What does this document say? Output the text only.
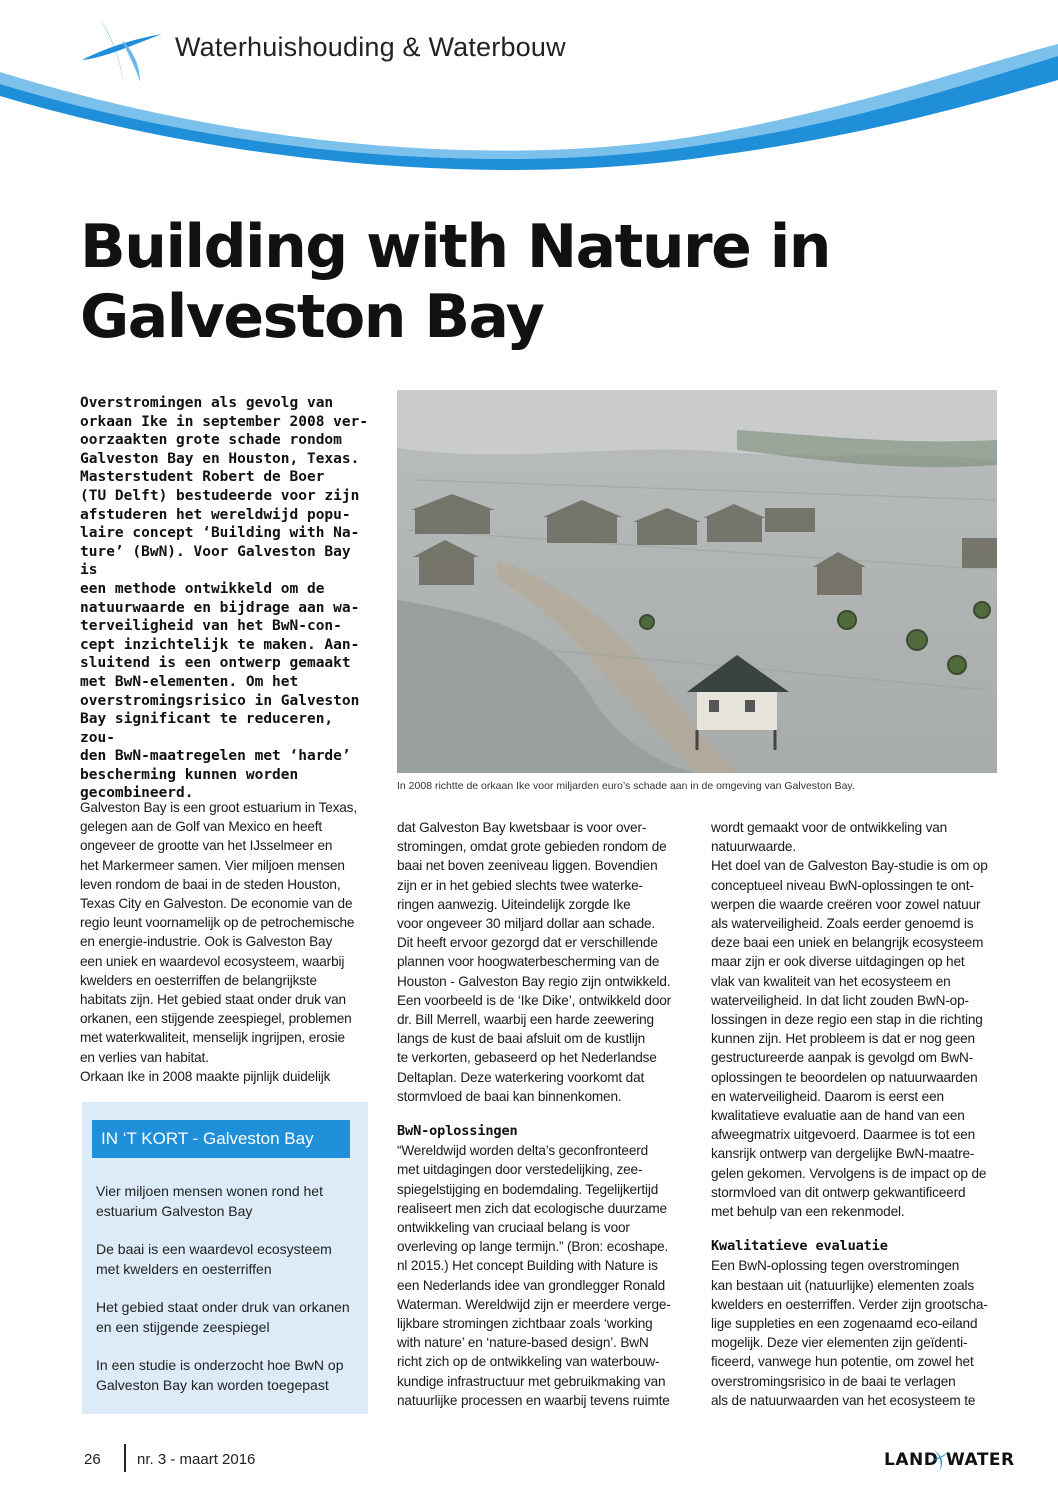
Waterhuishouding & Waterbouw
Building with Nature in
Galveston Bay
Overstromingen als gevolg van
orkaan Ike in september 2008 ver-
oorzaakten grote schade rondom
Galveston Bay en Houston, Texas.
Masterstudent Robert de Boer
(TU Delft) bestudeerde voor zijn
afstuderen het wereldwijd popu-
laire concept ‘Building with Na-
ture’ (BwN). Voor Galveston Bay is
een methode ontwikkeld om de
natuurwaarde en bijdrage aan wa-
terveiligheid van het BwN-con-
cept inzichtelijk te maken. Aan-
sluitend is een ontwerp gemaakt
met BwN-elementen. Om het
overstromingsrisico in Galveston
Bay significant te reduceren, zou-
den BwN-maatregelen met ‘harde’
bescherming kunnen worden
gecombineerd.	In 2008 richtte de orkaan Ike voor miljarden euro’s schade aan in de omgeving van Galveston Bay.
Galveston Bay is een groot estuarium in Texas,
gelegen aan de Golf van Mexico en heeft
ongeveer de grootte van het IJsselmeer en
het Markermeer samen. Vier miljoen mensen
leven rondom de baai in de steden Houston,
Texas City en Galveston. De economie van de
regio leunt voornamelijk op de petrochemische
en energie-industrie. Ook is Galveston Bay
een uniek en waardevol ecosysteem, waarbij
kwelders en oesterriffen de belangrijkste
habitats zijn. Het gebied staat onder druk van
orkanen, een stijgende zeespiegel, problemen
met waterkwaliteit, menselijk ingrijpen, erosie
en verlies van habitat.
Orkaan Ike in 2008 maakte pijnlijk duidelijk
dat Galveston Bay kwetsbaar is voor over-
stromingen, omdat grote gebieden rondom de
baai net boven zeeniveau liggen. Bovendien
zijn er in het gebied slechts twee waterke-
ringen aanwezig. Uiteindelijk zorgde Ike
voor ongeveer 30 miljard dollar aan schade.
Dit heeft ervoor gezorgd dat er verschillende
plannen voor hoogwaterbescherming van de
Houston - Galveston Bay regio zijn ontwikkeld.
Een voorbeeld is de ‘Ike Dike’, ontwikkeld door
dr. Bill Merrell, waarbij een harde zeewering
langs de kust de baai afsluit om de kustlijn
te verkorten, gebaseerd op het Nederlandse
Deltaplan. Deze waterkering voorkomt dat
stormvloed de baai kan binnenkomen.
BwN-oplossingen
“Wereldwijd worden delta’s geconfronteerd
met uitdagingen door verstedelijking, zee-
spiegelstijging en bodemdaling. Tegelijkertijd
realiseert men zich dat ecologische duurzame
ontwikkeling van cruciaal belang is voor
overleving op lange termijn.” (Bron: ecoshape.
nl 2015.) Het concept Building with Nature is
een Nederlands idee van grondlegger Ronald
Waterman. Wereldwijd zijn er meerdere verge-
lijkbare stromingen zichtbaar zoals ‘working
with nature’ en ‘nature-based design’. BwN
richt zich op de ontwikkeling van waterbouw-
kundige infrastructuur met gebruikmaking van
natuurlijke processen en waarbij tevens ruimte
wordt gemaakt voor de ontwikkeling van
natuurwaarde.
Het doel van de Galveston Bay-studie is om op
conceptueel niveau BwN-oplossingen te ont-
werpen die waarde creëren voor zowel natuur
als waterveiligheid. Zoals eerder genoemd is
deze baai een uniek en belangrijk ecosysteem
maar zijn er ook diverse uitdagingen op het
vlak van kwaliteit van het ecosysteem en
waterveiligheid. In dat licht zouden BwN-op-
lossingen in deze regio een stap in die richting
kunnen zijn. Het probleem is dat er nog geen
gestructureerde aanpak is gevolgd om BwN-
oplossingen te beoordelen op natuurwaarden
en waterveiligheid. Daarom is eerst een
kwalitatieve evaluatie aan de hand van een
afweegmatrix uitgevoerd. Daarmee is tot een
kansrijk ontwerp van dergelijke BwN-maatre-
gelen gekomen. Vervolgens is de impact op de
stormvloed van dit ontwerp gekwantificeerd
met behulp van een rekenmodel.
Kwalitatieve evaluatie
Een BwN-oplossing tegen overstromingen
kan bestaan uit (natuurlijke) elementen zoals
kwelders en oesterriffen. Verder zijn grootscha-
lige suppleties en een zogenaamd eco-eiland
mogelijk. Deze vier elementen zijn geïdenti-
ficeerd, vanwege hun potentie, om zowel het
overstromingsrisico in de baai te verlagen
als de natuurwaarden van het ecosysteem te
IN ‘T KORT - Galveston Bay
Vier miljoen mensen wonen rond het estuarium Galveston Bay
De baai is een waardevol ecosysteem met kwelders en oesterriffen
Het gebied staat onder druk van orkanen en een stijgende zeespiegel
In een studie is onderzocht hoe BwN op Galveston Bay kan worden toegepast
26 nr. 3 - maart 2016	LAND WATER
